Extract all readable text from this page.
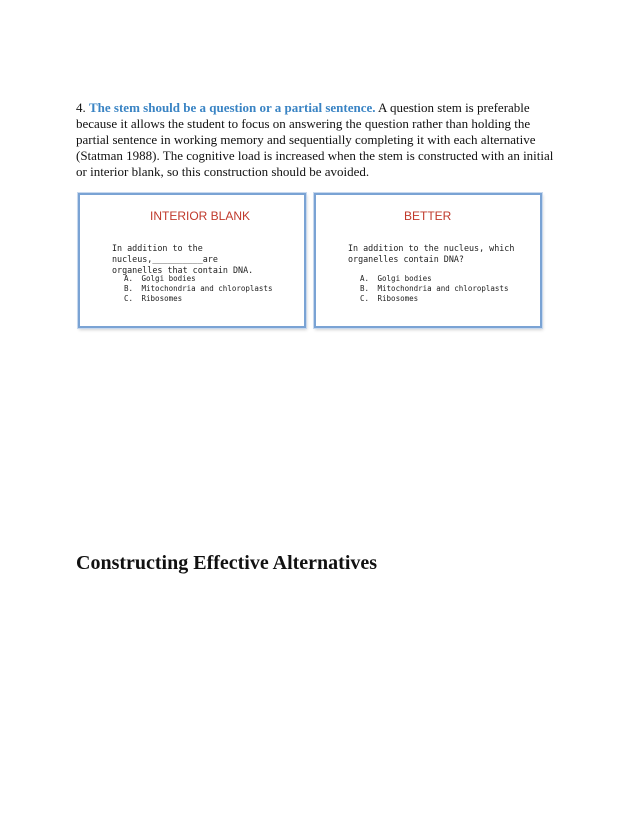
4. The stem should be a question or a partial sentence. A question stem is preferable because it allows the student to focus on answering the question rather than holding the partial sentence in working memory and sequentially completing it with each alternative (Statman 1988). The cognitive load is increased when the stem is constructed with an initial or interior blank, so this construction should be avoided.
INTERIOR BLANK
In addition to the nucleus,__________are
organelles that contain DNA.
A. Golgi bodies
B. Mitochondria and chloroplasts
C. Ribosomes
BETTER
In addition to the nucleus, which
organelles contain DNA?
A. Golgi bodies
B. Mitochondria and chloroplasts
C. Ribosomes
Constructing Effective Alternatives
